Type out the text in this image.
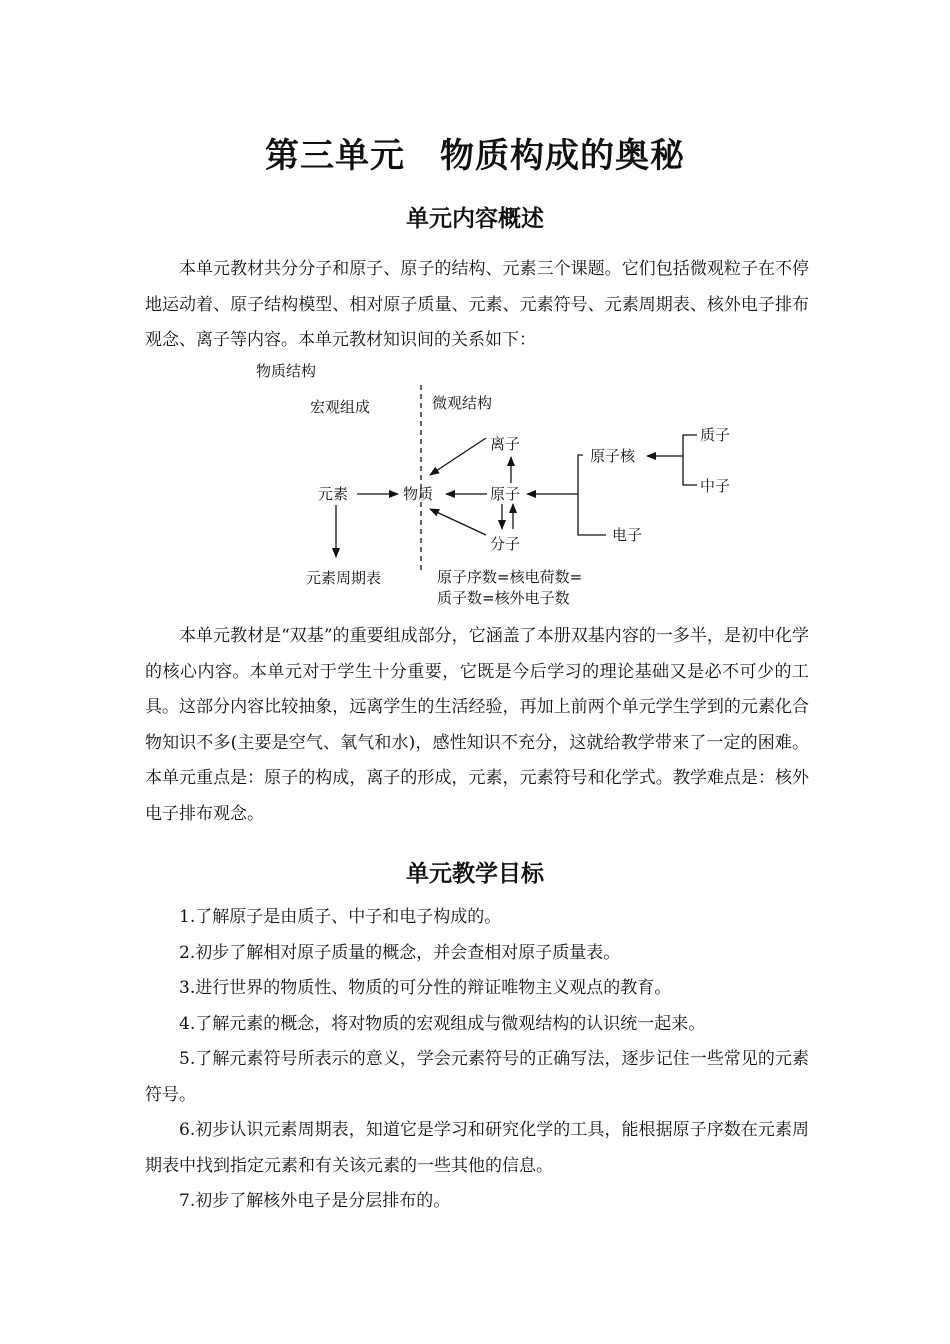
第三单元　物质构成的奥秘
单元内容概述

本单元教材共分分子和原子、原子的结构、元素三个课题。它们包括微观粒子在不停地运动着、原子结构模型、相对原子质量、元素、元素符号、元素周期表、核外电子排布观念、离子等内容。本单元教材知识间的关系如下：

物质结构
宏观组成	微观结构
元素	物质
元素周期表
离子
原子
分子
原子核
质子
中子
电子
原子序数=核电荷数=
质子数=核外电子数

本单元教材是“双基”的重要组成部分，它涵盖了本册双基内容的一多半，是初中化学的核心内容。本单元对于学生十分重要，它既是今后学习的理论基础又是必不可少的工具。这部分内容比较抽象，远离学生的生活经验，再加上前两个单元学生学到的元素化合物知识不多(主要是空气、氧气和水)，感性知识不充分，这就给教学带来了一定的困难。本单元重点是：原子的构成，离子的形成，元素，元素符号和化学式。教学难点是：核外电子排布观念。

单元教学目标

1.了解原子是由质子、中子和电子构成的。

2.初步了解相对原子质量的概念，并会查相对原子质量表。

3.进行世界的物质性、物质的可分性的辩证唯物主义观点的教育。

4.了解元素的概念，将对物质的宏观组成与微观结构的认识统一起来。

5.了解元素符号所表示的意义，学会元素符号的正确写法，逐步记住一些常见的元素符号。

6.初步认识元素周期表，知道它是学习和研究化学的工具，能根据原子序数在元素周期表中找到指定元素和有关该元素的一些其他的信息。

7.初步了解核外电子是分层排布的。
